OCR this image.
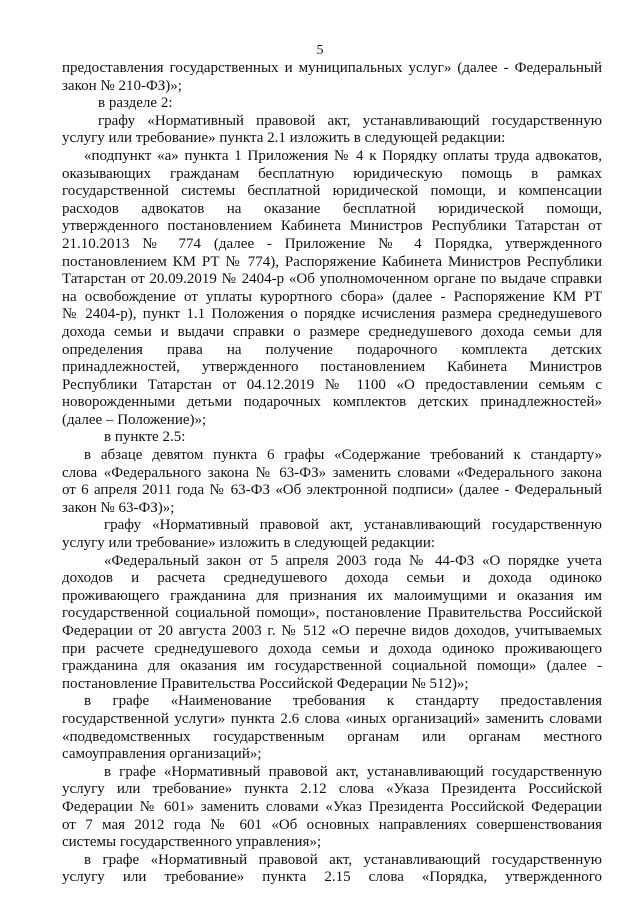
5
предоставления государственных и муниципальных услуг» (далее - Федеральный
закон № 210-ФЗ)»;
в разделе 2:
графу «Нормативный правовой акт, устанавливающий государственную
услугу или требование» пункта 2.1 изложить в следующей редакции:
«подпункт «а» пункта 1 Приложения № 4 к Порядку оплаты труда адвокатов,
оказывающих гражданам бесплатную юридическую помощь в рамках
государственной системы бесплатной юридической помощи, и компенсации
расходов адвокатов на оказание бесплатной юридической помощи,
утвержденного постановлением Кабинета Министров Республики Татарстан от
21.10.2013 № 774 (далее - Приложение № 4 Порядка, утвержденного
постановлением КМ РТ № 774), Распоряжение Кабинета Министров Республики
Татарстан от 20.09.2019 № 2404-р «Об уполномоченном органе по выдаче справки
на освобождение от уплаты курортного сбора» (далее - Распоряжение КМ РТ
№ 2404-р), пункт 1.1 Положения о порядке исчисления размера среднедушевого
дохода семьи и выдачи справки о размере среднедушевого дохода семьи для
определения права на получение подарочного комплекта детских
принадлежностей, утвержденного постановлением Кабинета Министров
Республики Татарстан от 04.12.2019 № 1100 «О предоставлении семьям с
новорожденными детьми подарочных комплектов детских принадлежностей»
(далее – Положение)»;
в пункте 2.5:
в абзаце девятом пункта 6 графы «Содержание требований к стандарту»
слова «Федерального закона № 63-ФЗ» заменить словами «Федерального закона
от 6 апреля 2011 года № 63-ФЗ «Об электронной подписи» (далее - Федеральный
закон № 63-ФЗ)»;
графу «Нормативный правовой акт, устанавливающий государственную
услугу или требование» изложить в следующей редакции:
«Федеральный закон от 5 апреля 2003 года № 44-ФЗ «О порядке учета
доходов и расчета среднедушевого дохода семьи и дохода одиноко
проживающего гражданина для признания их малоимущими и оказания им
государственной социальной помощи», постановление Правительства Российской
Федерации от 20 августа 2003 г. № 512 «О перечне видов доходов, учитываемых
при расчете среднедушевого дохода семьи и дохода одиноко проживающего
гражданина для оказания им государственной социальной помощи» (далее -
постановление Правительства Российской Федерации № 512)»;
в графе «Наименование требования к стандарту предоставления
государственной услуги» пункта 2.6 слова «иных организаций» заменить словами
«подведомственных государственным органам или органам местного
самоуправления организаций»;
в графе «Нормативный правовой акт, устанавливающий государственную
услугу или требование» пункта 2.12 слова «Указа Президента Российской
Федерации № 601» заменить словами «Указ Президента Российской Федерации
от 7 мая 2012 года № 601 «Об основных направлениях совершенствования
системы государственного управления»;
в графе «Нормативный правовой акт, устанавливающий государственную
услугу или требование» пункта 2.15 слова «Порядка, утвержденного
